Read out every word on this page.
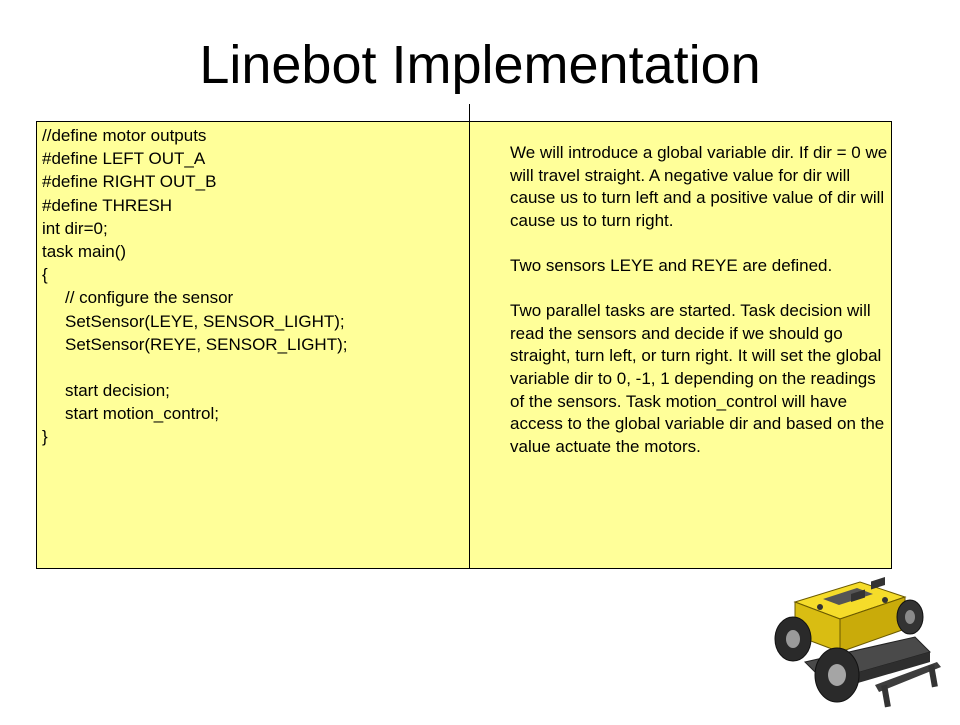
Linebot Implementation
//define motor outputs
#define LEFT OUT_A
#define RIGHT OUT_B
#define THRESH
int dir=0;
task main()
{
// configure the sensor
SetSensor(LEYE, SENSOR_LIGHT);
SetSensor(REYE, SENSOR_LIGHT);
start decision;
start motion_control;
}

We will introduce a global variable dir. If dir = 0 we will travel straight. A negative value for dir will cause us to turn left and a positive value of dir will cause us to turn right.

Two sensors LEYE and REYE are defined.

Two parallel tasks are started. Task decision will read the sensors and decide if we should go straight, turn left, or turn right. It will set the global variable dir to 0, -1, 1 depending on the readings of the sensors. Task motion_control will have access to the global variable dir and based on the value actuate the motors.
